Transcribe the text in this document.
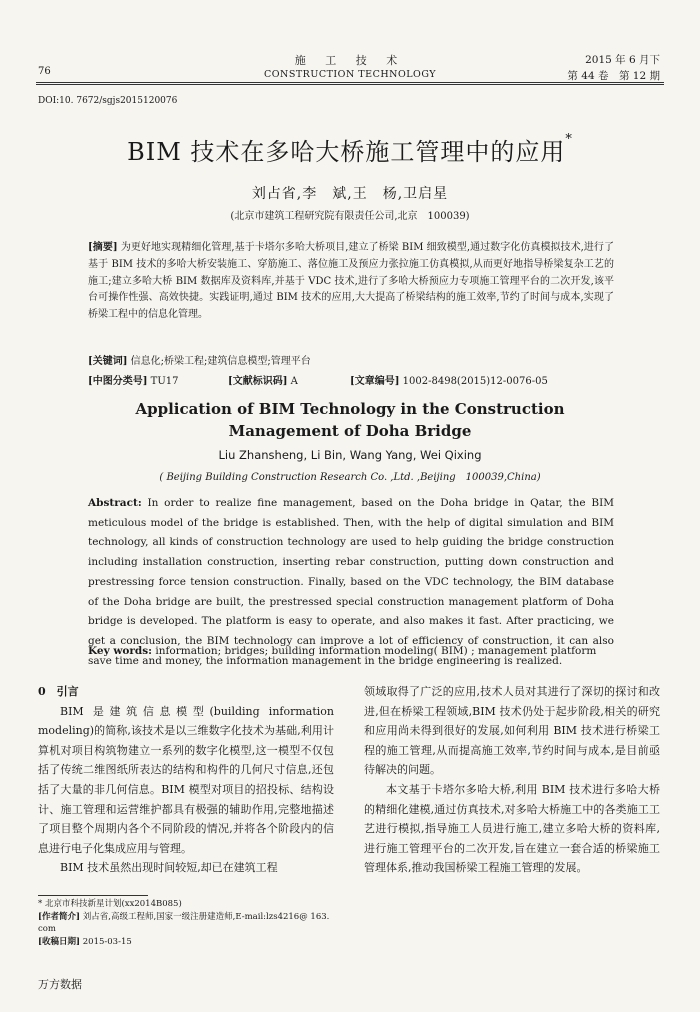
76
施 工 技 术
CONSTRUCTION TECHNOLOGY
2015 年 6 月下
第 44 卷　第 12 期
DOI:10. 7672/sgjs2015120076
BIM 技术在多哈大桥施工管理中的应用*
刘占省,李　斌,王　杨,卫启星
(北京市建筑工程研究院有限责任公司,北京　100039)
[摘要] 为更好地实现精细化管理,基于卡塔尔多哈大桥项目,建立了桥梁 BIM 细致模型,通过数字化仿真模拟技术,进行了基于 BIM 技术的多哈大桥安装施工、穿筋施工、落位施工及预应力张拉施工仿真模拟,从而更好地指导桥梁复杂工艺的施工;建立多哈大桥 BIM 数据库及资料库,并基于 VDC 技术,进行了多哈大桥预应力专项施工管理平台的二次开发,该平台可操作性强、高效快捷。实践证明,通过 BIM 技术的应用,大大提高了桥梁结构的施工效率,节约了时间与成本,实现了桥梁工程中的信息化管理。
[关键词] 信息化;桥梁工程;建筑信息模型;管理平台
[中图分类号] TU17	[文献标识码] A	[文章编号] 1002-8498(2015)12-0076-05
Application of BIM Technology in the Construction
Management of Doha Bridge
Liu Zhansheng, Li Bin, Wang Yang, Wei Qixing
( Beijing Building Construction Research Co. ,Ltd. ,Beijing　100039,China)
Abstract: In order to realize fine management, based on the Doha bridge in Qatar, the BIM meticulous model of the bridge is established. Then, with the help of digital simulation and BIM technology, all kinds of construction technology are used to help guiding the bridge construction including installation construction, inserting rebar construction, putting down construction and prestressing force tension construction. Finally, based on the VDC technology, the BIM database of the Doha bridge are built, the prestressed special construction management platform of Doha bridge is developed. The platform is easy to operate, and also makes it fast. After practicing, we get a conclusion, the BIM technology can improve a lot of efficiency of construction, it can also save time and money, the information management in the bridge engineering is realized.
Key words: information; bridges; building information modeling( BIM) ; management platform

0　引言

BIM 是建筑信息模型(building information modeling)的简称,该技术是以三维数字化技术为基础,利用计算机对项目构筑物建立一系列的数字化模型,这一模型不仅包括了传统二维图纸所表达的结构和构件的几何尺寸信息,还包括了大量的非几何信息。BIM 模型对项目的招投标、结构设计、施工管理和运营维护都具有极强的辅助作用,完整地描述了项目整个周期内各个不同阶段的情况,并将各个阶段内的信息进行电子化集成应用与管理。

BIM 技术虽然出现时间较短,却已在建筑工程

领域取得了广泛的应用,技术人员对其进行了深切的探讨和改进,但在桥梁工程领域,BIM 技术仍处于起步阶段,相关的研究和应用尚未得到很好的发展,如何利用 BIM 技术进行桥梁工程的施工管理,从而提高施工效率,节约时间与成本,是目前亟待解决的问题。

本文基于卡塔尔多哈大桥,利用 BIM 技术进行多哈大桥的精细化建模,通过仿真技术,对多哈大桥施工中的各类施工工艺进行模拟,指导施工人员进行施工,建立多哈大桥的资料库,进行施工管理平台的二次开发,旨在建立一套合适的桥梁施工管理体系,推动我国桥梁工程施工管理的发展。

* 北京市科技新星计划(xx2014B085)
[作者简介] 刘占省,高级工程师,国家一级注册建造师,E-mail:lzs4216@ 163. com
[收稿日期] 2015-03-15
万方数据
